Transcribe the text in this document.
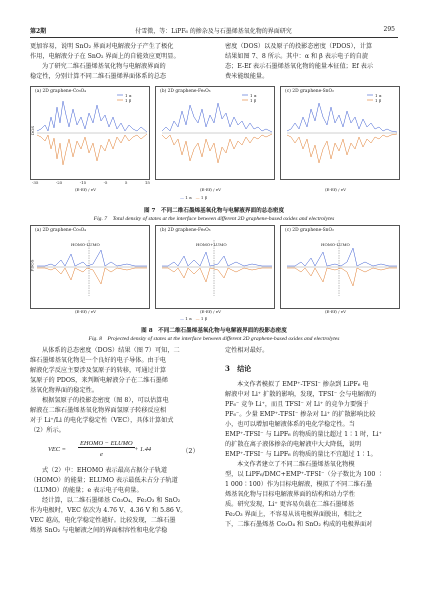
第2期	付雪微，等：LiPF₆ 的掺杂及与石墨烯基氧化物的界面研究	295
更加容易，说明 SnO₂ 界面对电解液分子产生了极化
作用，电解液分子在 SnO₂ 界面上的自能效应更明显。
为了研究二维石墨烯基氧化物与电解液界面的
稳定性，分别计算不同二维石墨烯界面体系的总态
密度（DOS）以及原子的投影态密度（PDOS），计算
结果如图 7、8 所示。其中：α 和 β 表示电子的自旋
态；E-Ef 表示石墨烯基氧化物的能量本征值；Ef 表示
费米能级能量。
(a) 2D graphene-Co₃O₄
1 α
1 β
(b) 2D graphene-Fe₂O₃
1 α
1 β
(c) 2D graphene-SnO₂
1 α
1 β
DOS
-35	-25	-15	-5	5	15
(E-Ef) / eV	(E-Ef) / eV	(E-Ef) / eV
— 1 α — 1 β
图 7　不同二维石墨烯基氧化物与电解液界面的总态密度
Fig. 7　Total density of states at the interface between different 2D graphene-based oxides and electrolytes
(a) 2D graphene-Co₃O₄
HOMO-LUMO
(b) 2D graphene-Fe₂O₃
HOMO+LUMO
(c) 2D graphene-SnO₂
HOMO-LUMO
PDOS
(E-Ef) / eV	(E-Ef) / eV	(E-Ef) / eV
— 1 α — 1 β
图 8　不同二维石墨烯基氧化物与电解液界面的投影态密度
Fig. 8　Projected density of states at the interface between different 2D graphene-based oxides and electrolytes
从体系的总态密度（DOS）结果（图 7）可知，二
维石墨烯基氧化物是一个良好的电子导体。由于电
解液化学反应主要涉及氢原子的转移，可通过计算
氢原子的 PDOS，来判断电解液分子在二维石墨烯
基氧化物界面的稳定性。
根据氢原子的投影态密度（图 8），可以估算电
解液在二维石墨烯基氧化物界面氢原子转移反应相
对于 Li⁺/Li 的电化学稳定性（VEC），具体计算如式
（2）所示。
VEC =
EHOMO − ELUMO
e
+ 1.44	（2）
式（2）中：EHOMO 表示最高占据分子轨道
（HOMO）的能量；ELUMO 表示最低未占分子轨道
（LUMO）的能量；e 表示电子电荷量。
经计算，以二维石墨烯基 Co₃O₄、Fe₂O₃ 和 SnO₂
作为电极时，VEC 依次为 4.76 V、4.36 V 和 5.86 V。
VEC 越高，电化学稳定性越好。比较发现，二维石墨
烯基 SnO₂ 与电解液之间的界面相容性和电化学稳
定性相对最好。
3 结论
本文作者模拟了 EMP⁺-TFSI⁻ 掺杂到 LiPF₆ 电
解液中对 Li⁺ 扩散的影响，发现，TFSI⁻ 会与电解液的
PF₆⁻ 竞争 Li⁺，而且 TFSI⁻ 对 Li⁺ 的竞争力要强于
PF₆⁻。少量 EMP⁺-TFSI⁻ 掺杂对 Li⁺ 的扩散影响比较
小，也可以增加电解液体系的电化学稳定性。当
EMP⁺-TFSI⁻ 与 LiPF₆ 的物质的量比超过 1∶1 时，Li⁺
的扩散在离子液体掺杂的电解液中大大降低，说明
EMP⁺-TFSI⁻ 与 LiPF₆ 的物质的量比不宜超过 1∶1。
本文作者建立了不同二维石墨烯基氧化物模
型，以 LiPF₆/DMC+EMP⁺-TFSI⁻（分子数比为 100 ∶
1 000∶100）作为目标电解液，模拟了不同二维石墨
烯基氧化物与目标电解液界面的结构和动力学性
质。研究发现，Li⁺ 更容易负载在二维石墨烯基
Fe₂O₃ 界面上，不容易从该电极界面脱出，相比之
下，二维石墨烯基 Co₃O₄ 和 SnO₂ 构成的电极界面对
